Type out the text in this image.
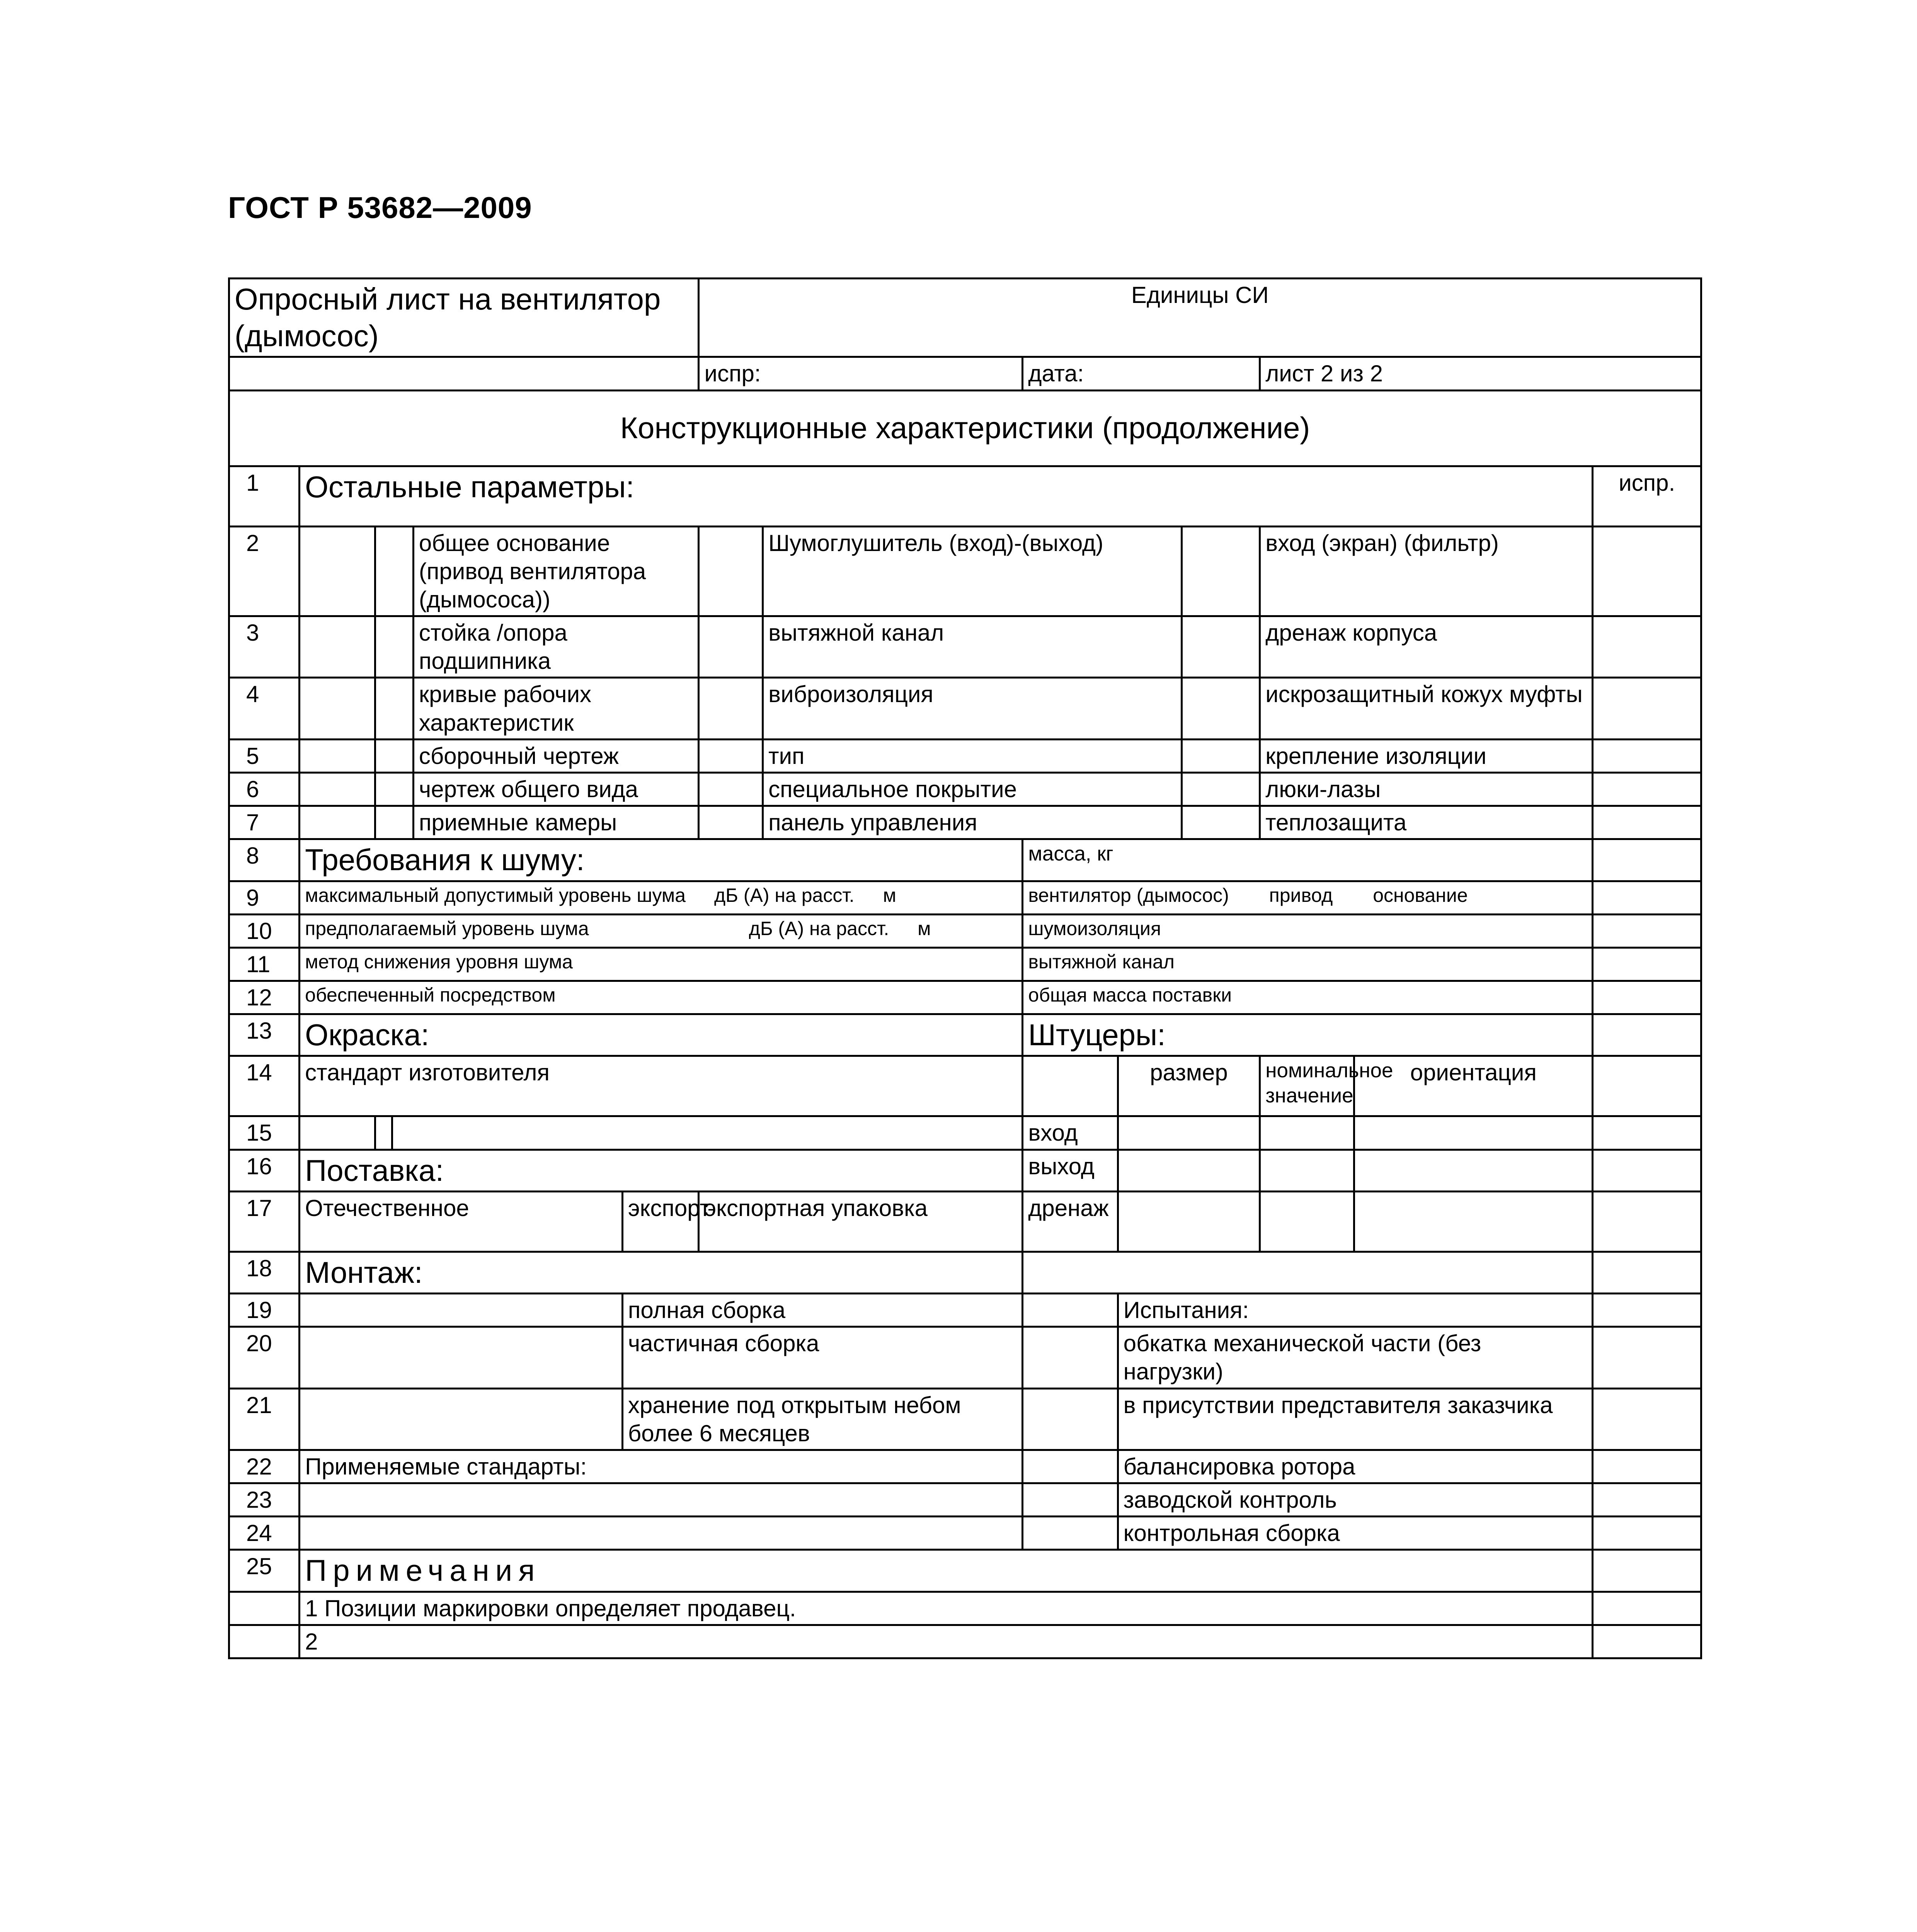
ГОСТ Р 53682—2009
Опросный лист на вентилятор (дымосос)						Единицы СИ							
						испр:		дата:			лист 2 из 2		
Конструкционные характеристики (продолжение)													
1	Остальные параметры:												испр.
2				общее основание (привод вентилятора (дымососа))			Шумоглушитель (вход)-(выход)				вход (экран) (фильтр)		
3				стойка /опора подшипника			вытяжной канал				дренаж корпуса		
4				кривые рабочих характеристик			виброизоляция				искрозащитный кожух муфты		
5				сборочный чертеж			тип				крепление изоляции		
6				чертеж общего вида			специальное покрытие				люки-лазы		
7				приемные камеры			панель управления				теплозащита		
8	Требования к шуму:							масса, кг					
9	максимальный допустимый уровень шума дБ (А) на расст. м							вентилятор (дымосос) привод основание					
10	предполагаемый уровень шума дБ (А) на расст. м							шумоизоляция					
11	метод снижения уровня шума							вытяжной канал					
12	обеспеченный посредством							общая масса поставки					
13	Окраска:							Штуцеры:					
14	стандарт изготовителя								размер		номинальное значение	ориентация	
15								вход					
16	Поставка:							выход					
17	Отечественное				экспорт	экспортная упаковка		дренаж					
18	Монтаж:												
19					полная сборка				Испытания:				
20					частичная сборка				обкатка механической части (без нагрузки)				
21					хранение под открытым небом более 6 месяцев				в присутствии представителя заказчика				
22	Применяемые стандарты:								балансировка ротора				
23									заводской контроль				
24									контрольная сборка				
25	Примечания												
	1 Позиции маркировки определяет продавец.												
	2												
